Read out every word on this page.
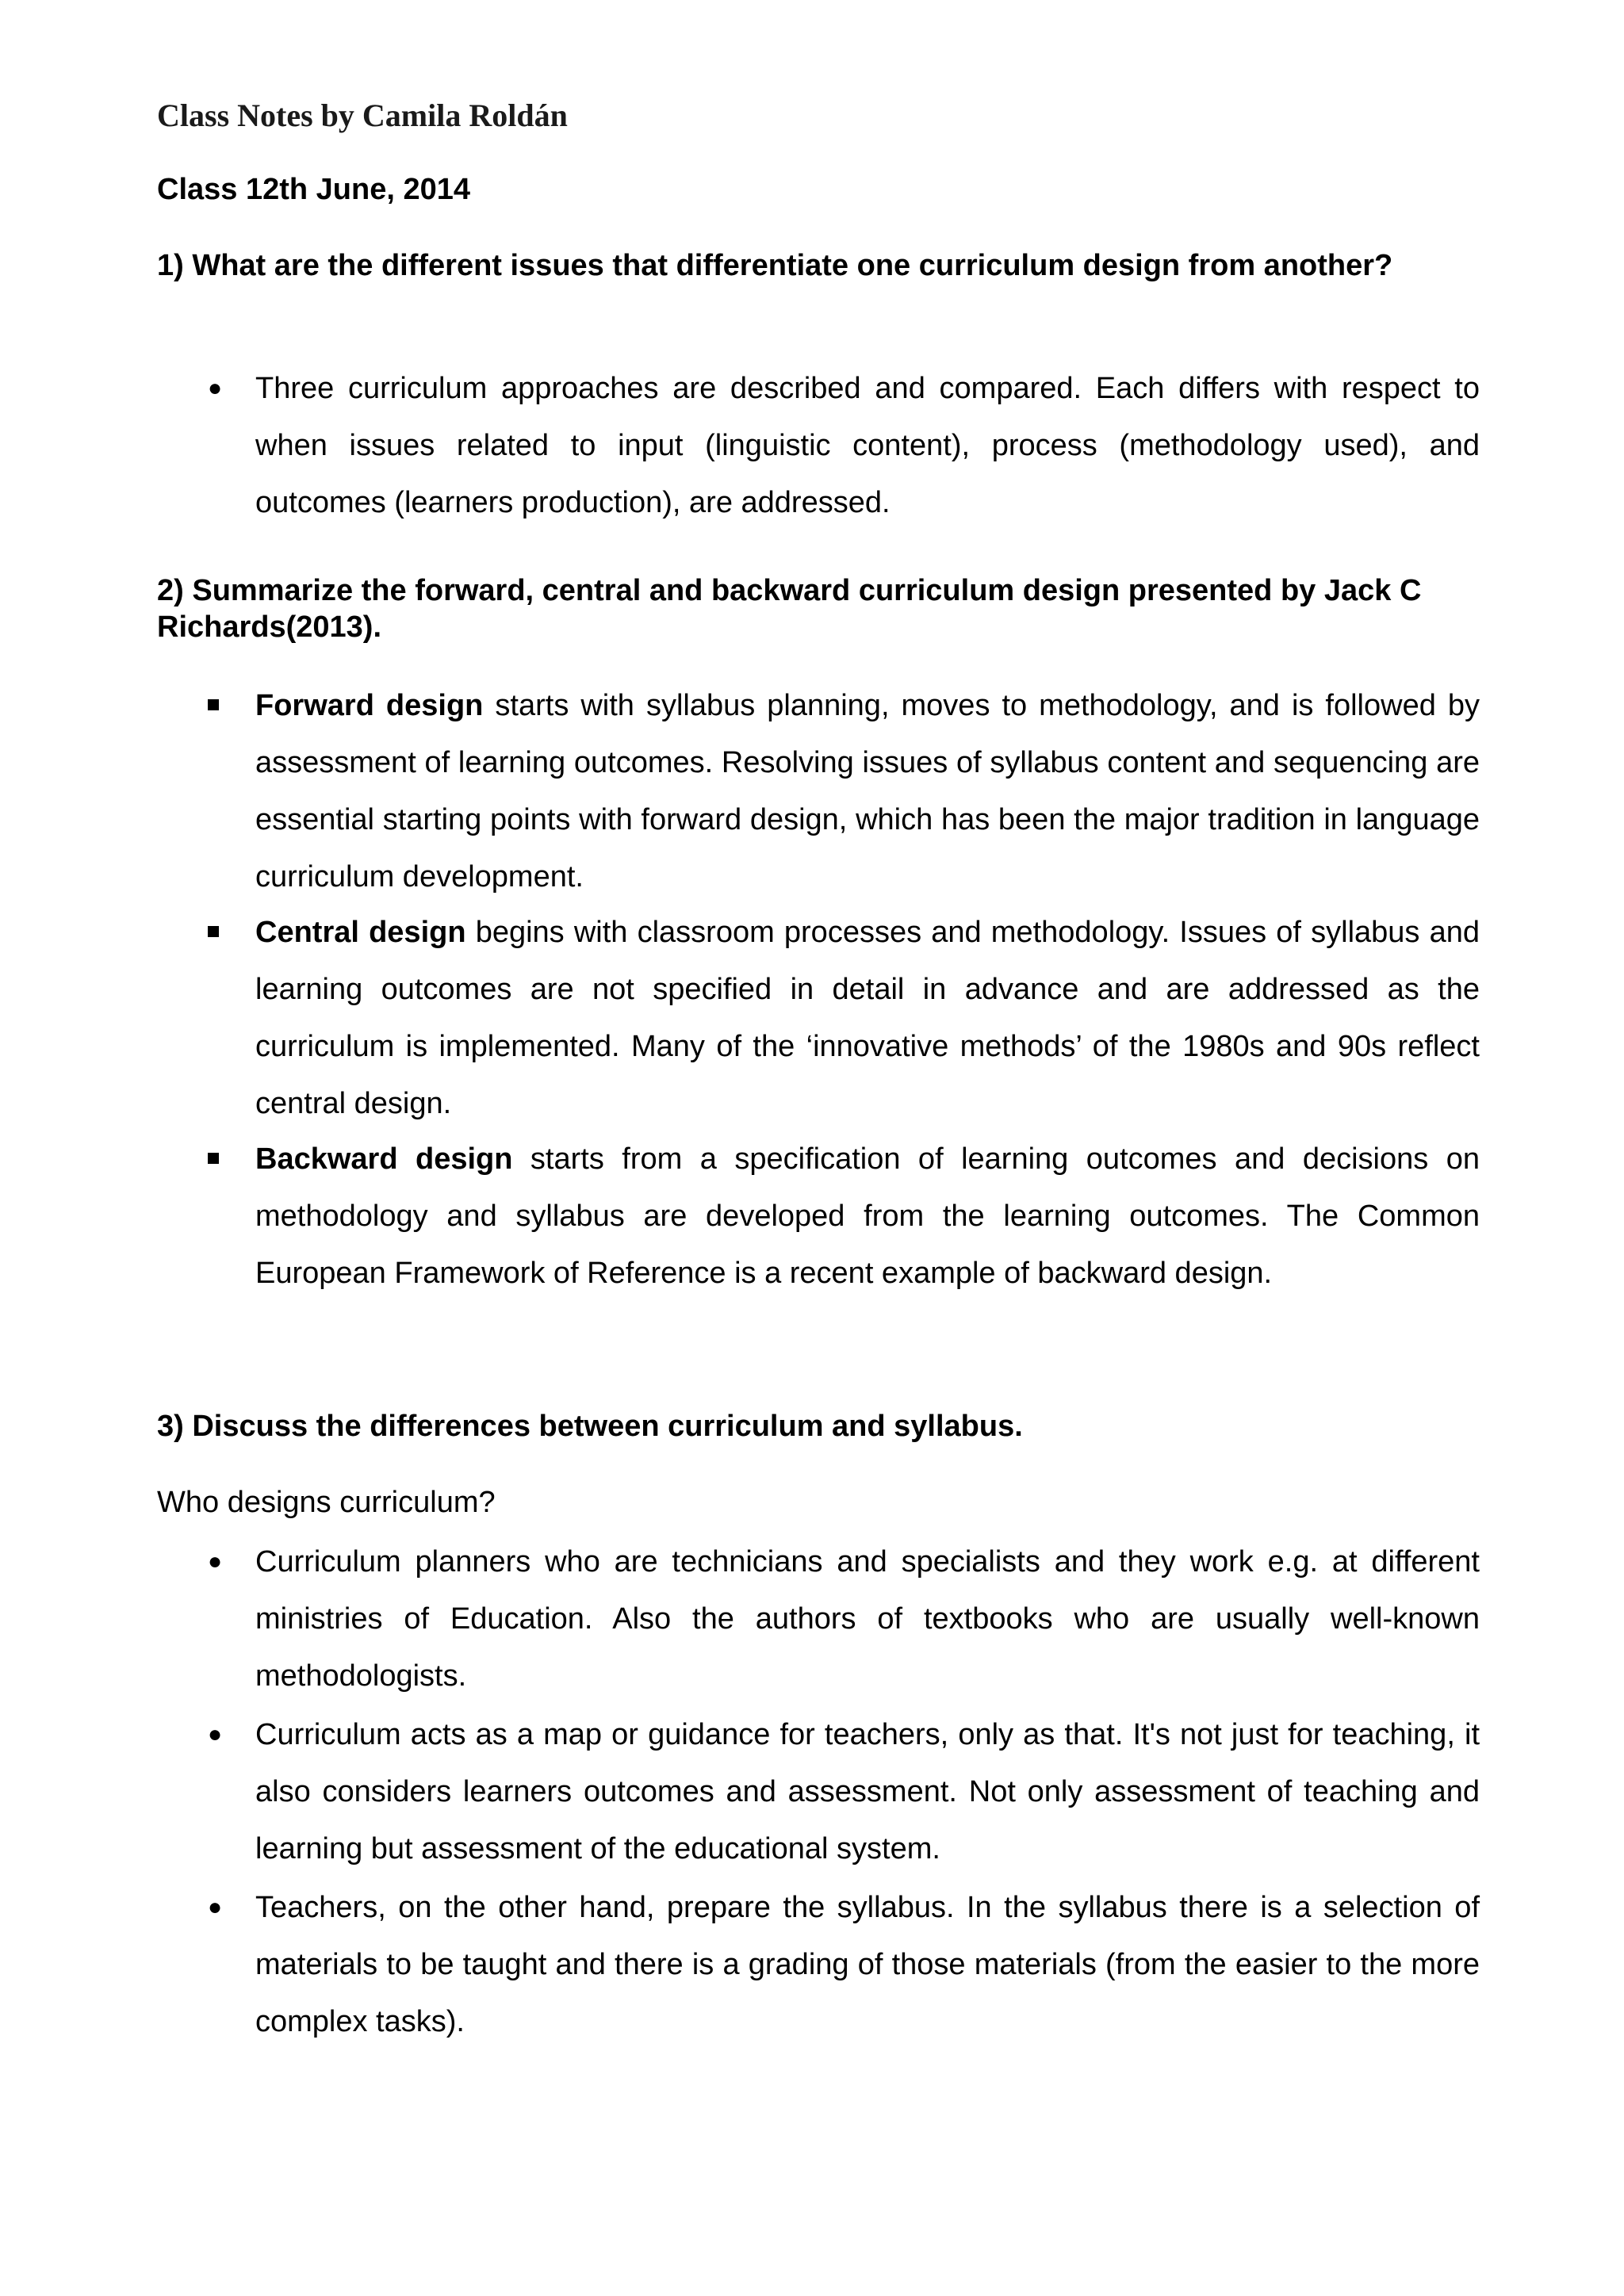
Class Notes by Camila Roldán

Class 12th June, 2014

1) What are the different issues that differentiate one curriculum design from another?

● Three curriculum approaches are described and compared. Each differs with respect to when issues related to input (linguistic content), process (methodology used), and outcomes (learners production), are addressed.

2) Summarize the forward, central and backward curriculum design presented by Jack C Richards(2013).

Forward design starts with syllabus planning, moves to methodology, and is followed by assessment of learning outcomes. Resolving issues of syllabus content and sequencing are essential starting points with forward design, which has been the major tradition in language curriculum development.

Central design begins with classroom processes and methodology. Issues of syllabus and learning outcomes are not specified in detail in advance and are addressed as the curriculum is implemented. Many of the ‘innovative methods’ of the 1980s and 90s reflect central design.

Backward design starts from a specification of learning outcomes and decisions on methodology and syllabus are developed from the learning outcomes. The Common European Framework of Reference is a recent example of backward design.

3) Discuss the differences between curriculum and syllabus.

Who designs curriculum?

● Curriculum planners who are technicians and specialists and they work e.g. at different ministries of Education. Also the authors of textbooks who are usually well-known methodologists.

● Curriculum acts as a map or guidance for teachers, only as that. It's not just for teaching, it also considers learners outcomes and assessment. Not only assessment of teaching and learning but assessment of the educational system.

● Teachers, on the other hand, prepare the syllabus. In the syllabus there is a selection of materials to be taught and there is a grading of those materials (from the easier to the more complex tasks).
